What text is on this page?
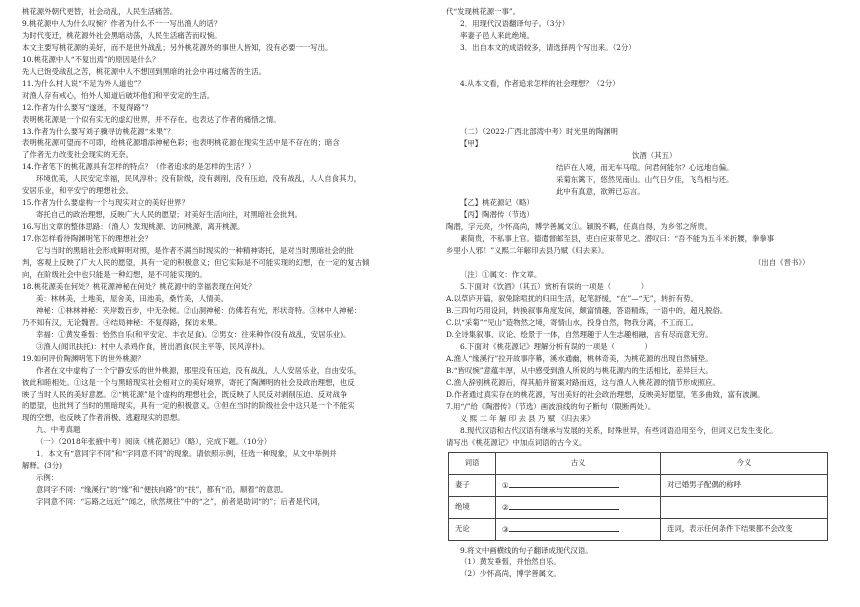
桃花源外朝代更替，社会动乱，人民生活痛苦。
9.桃花源中人为什么叹惋？作者为什么不一一写出渔人的话？
为时代变迁，桃花源外社会黑暗动荡，人民生活痛苦而叹惋。
本文主要写桃花源的美好，而不是世外战乱；另外桃花源外的事世人皆知，没有必要一一写出。
10.桃花源中人“不复出焉”的原因是什么？
先人已饱受战乱之苦，桃花源中人不想回到黑暗的社会中再过痛苦的生活。
11.为什么村人说“不足为外人道也”？
对渔人存有戒心，怕外人知道后破坏他们和平安定的生活。
12.作者为什么要写“遂迷，不复得路”？
表明桃花源是一个似有实无的虚幻世界，并不存在。也表达了作者的痛惜之情。
13.作者为什么要写刘子骥寻访桃花源“未果”？
表明桃花源可望而不可即，给桃花源增添神秘色彩；也表明桃花源在现实生活中是不存在的；暗含
了作者无力改变社会现实的无奈。
14.作者笔下的桃花源具有怎样的特点？（作者追求的是怎样的生活？）
环境优美，人民安定幸福，民风淳朴；没有阶级，没有剥削，没有压迫，没有战乱，人人自食其力，
安居乐业，和平安宁的理想社会。
15.作者为什么要虚构一个与现实对立的美好世界？
寄托自己的政治理想，反映广大人民的愿望；对美好生活向往，对黑暗社会批判。
16.写出文章的整体思路：（渔人）发现桃源、访问桃源、离开桃源。
17.你怎样看待陶渊明笔下的理想社会？
它与当时的黑暗社会形成鲜明对照，是作者不满当时现实的一种精神寄托，是对当时黑暗社会的批
判，客观上反映了广大人民的愿望，具有一定的积极意义；但它实际是不可能实现的幻想，在一定的复古倾
向，在阶级社会中也只能是一种幻想，是不可能实现的。
18.桃花源美在何处？桃花源神秘在何处？桃花源中的幸福表现在何处？
美：林林美，土地美，屋舍美，田池美，桑竹美，人情美。
神秘：①林林神秘：夹岸数百步，中无杂树。②山洞神秘：仿佛若有光，形状奇特。③林中人神秘：
乃不知有汉，无论魏晋。④结局神秘：不复得路，探访未果。
幸福：①黄发垂髫：怡然自乐(和平安定、丰衣足食)。②男女：往来种作(没有战乱，安居乐业)。
③渔人(闻讯扶托)：村中人杀鸡作食，皆出酒食(民主平等，民风淳朴)。
19.如何评价陶渊明笔下的世外桃源？
作者在文中虚构了一个宁静安乐的世外桃源，那里没有压迫，没有战乱，人人安居乐业，自由安乐，
彼此和睦相处。①这是一个与黑暗现实社会相对立的美好境界，寄托了陶渊明的社会及政治理想，也反
映了当时人民的美好意愿。②“桃花源”是个虚构的理想社会，既反映了人民反对剥削压迫、反对战争
的愿望，也批判了当时的黑暗现实，具有一定的积极意义。③但在当时的阶级社会中这只是一个不能实
现的空想，也反映了作者消极、逃避现实的思想。
九、中考真题
（一）（2018年张掖中考）阅读《桃花源记》（略），完成下题。（10分）
1．本文有“意同字不同”和“字同意不同”的现象。请依照示例，任选一种现象，从文中举例并
解释。(3分)
示例：
意同字不同：“缘溪行”的“缘”和“便扶向路”的“扶”，都有“沿，顺着”的意思。
字同意不同：“忘路之远近”“闻之，欣然规往”中的“之”，前者是助词“的”；后者是代词，
代“发现桃花源一事”。
2．用现代汉语翻译句子。（3分）
率妻子邑人来此绝境。
3．出自本文的成语较多，请选择两个写出来。（2分）
4.从本文看，作者追求怎样的社会理想？（2分）
（二）（2022·广西北部湾中考）时光里的陶渊明
【甲】
饮酒（其五）
结庐在人境，而无车马喧。问君何能尔？心远地自偏。
采菊东篱下，悠然见南山。山气日夕佳，飞鸟相与还。
此中有真意，欲辨已忘言。
【乙】桃花源记（略）
【丙】陶潜传（节选）
陶潜，字元亮，少怀高尚，博学善属文①。颖脱不羁，任真自得，为乡邻之所贵。
素简贵，不私事上官。德遣督邮至县，吏白应束带见之。潜叹曰：“吾不能为五斗米折腰，拳拳事
乡里小人邪！”义熙二年解印去县乃赋《归去来》。
（出自《晋书》）
〔注〕①属文：作文章。
5.下面对《饮酒》（其五）赏析有误的一项是（　　　　）
A.以草庐开篇，叙兔除喧扰的归田生活，起笔舒缓，“在”—“无”，转折有势。
B.三四句巧用设问，转换叙事角度发问，颇富情趣，答语精炼，一语中的，超凡脱俗。
C.以“采菊”“见山”造物然之境，寄情山水，投身自然，物我分离，不工而工。
D.全诗集叙事、议论、绘景于一体，自然理趣于人生志趣相融，言有尽而意无穷。
6.下面对《桃花源记》理解分析有误的一项是（　　　　）
A.渔人“缘溪行”拉开故事序幕，溪水通幽，桃林奇美，为桃花源的出现自然铺垫。
B.“皆叹惋”意蕴丰厚，从中感受到渔人所说的与桃花源内的生活相比，差异巨大。
C.渔人辞别桃花源后，得其船并留案对路而返，这与渔人入桃花源的情节形成照应。
D.作者通过真实存在的桃花源，写出美好的社会政治理想，反映美好愿望，笔多曲致，富有波澜。
7.用“/”给《陶潜传》（节选）画波浪线的句子断句（限断两处）。
义 熙 二 年 解 印 去 县 乃 赋 《归去来》
8.现代汉语和古代汉语有继承与发展的关系，时殊世异，有些词语沿用至今，但词义已发生变化。
请写出《桃花源记》中加点词语的古今义。
词语	古义	今义
妻子	①	对已婚男子配偶的称呼
绝境	②	
无论	③	连词，表示任何条件下结果都不会改变
9.将文中画横线的句子翻译成现代汉语。
（1）黄发垂髫，并怡然自乐。
（2）少怀高尚，博学善属文。
